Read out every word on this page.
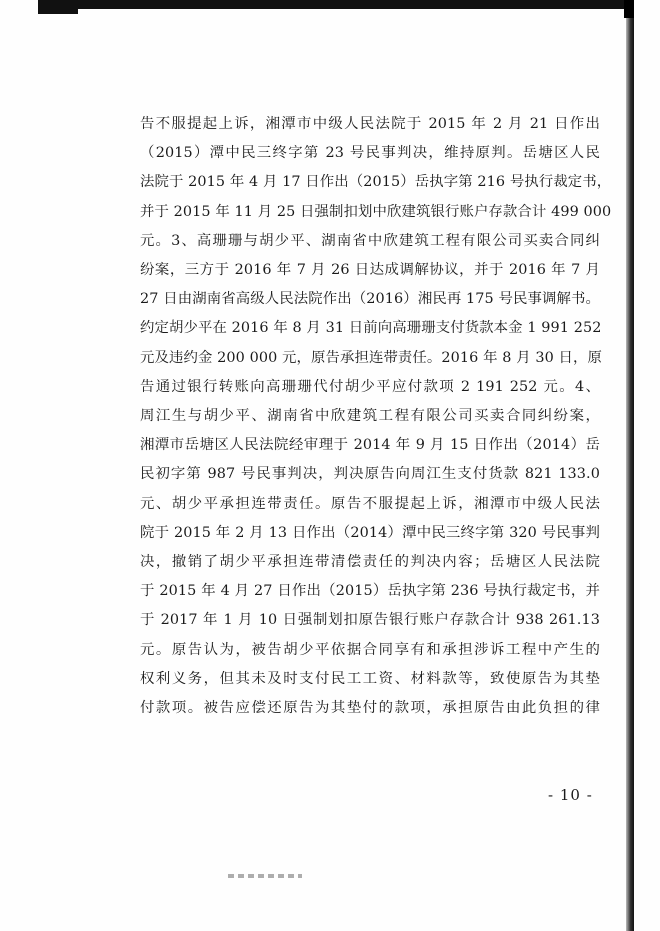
告不服提起上诉，湘潭市中级人民法院于 2015 年 2 月 21 日作出
（2015）潭中民三终字第 23 号民事判决，维持原判。岳塘区人民
法院于 2015 年 4 月 17 日作出（2015）岳执字第 216 号执行裁定书，
并于 2015 年 11 月 25 日强制扣划中欣建筑银行账户存款合计 499 000
元。3、高珊珊与胡少平、湖南省中欣建筑工程有限公司买卖合同纠
纷案，三方于 2016 年 7 月 26 日达成调解协议，并于 2016 年 7 月
27 日由湖南省高级人民法院作出（2016）湘民再 175 号民事调解书。
约定胡少平在 2016 年 8 月 31 日前向高珊珊支付货款本金 1 991 252
元及违约金 200 000 元，原告承担连带责任。2016 年 8 月 30 日，原
告通过银行转账向高珊珊代付胡少平应付款项 2 191 252 元。4、
周江生与胡少平、湖南省中欣建筑工程有限公司买卖合同纠纷案，
湘潭市岳塘区人民法院经审理于 2014 年 9 月 15 日作出（2014）岳
民初字第 987 号民事判决，判决原告向周江生支付货款 821 133.0
元、胡少平承担连带责任。原告不服提起上诉，湘潭市中级人民法
院于 2015 年 2 月 13 日作出（2014）潭中民三终字第 320 号民事判
决，撤销了胡少平承担连带清偿责任的判决内容；岳塘区人民法院
于 2015 年 4 月 27 日作出（2015）岳执字第 236 号执行裁定书，并
于 2017 年 1 月 10 日强制划扣原告银行账户存款合计 938 261.13
元。原告认为，被告胡少平依据合同享有和承担涉诉工程中产生的
权利义务，但其未及时支付民工工资、材料款等，致使原告为其垫
付款项。被告应偿还原告为其垫付的款项，承担原告由此负担的律
- 10 -
